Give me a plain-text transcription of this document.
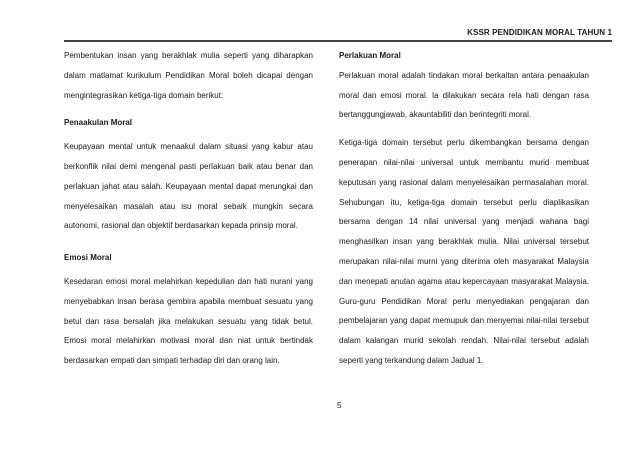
KSSR PENDIDIKAN MORAL TAHUN 1

Pembentukan insan yang berakhlak mulia seperti yang diharapkan dalam matlamat kurikulum Pendidikan Moral boleh dicapai dengan mengintegrasikan ketiga-tiga domain berikut:

Penaakulan Moral

Keupayaan mental untuk menaakul dalam situasi yang kabur atau berkonflik nilai demi mengenal pasti perlakuan baik atau benar dan perlakuan jahat atau salah. Keupayaan mental dapat merungkai dan menyelesaikan masalah atau isu moral sebaik mungkin secara autonomi, rasional dan objektif berdasarkan kepada prinsip moral.

Emosi Moral

Kesedaran emosi moral melahirkan kepedulian dan hati nurani yang menyebabkan insan berasa gembira apabila membuat sesuatu yang betul dan rasa bersalah jika melakukan sesuatu yang tidak betul. Emosi moral melahirkan motivasi moral dan niat untuk bertindak berdasarkan empati dan simpati terhadap diri dan orang lain.

Perlakuan Moral

Perlakuan moral adalah tindakan moral berkaitan antara penaakulan moral dan emosi moral. Ia dilakukan secara rela hati dengan rasa bertanggungjawab, akauntabiliti dan berintegriti moral.

Ketiga-tiga domain tersebut perlu dikembangkan bersama dengan penerapan nilai-nilai universal untuk membantu murid membuat keputusan yang rasional dalam menyelesaikan permasalahan moral. Sehubungan itu, ketiga-tiga domain tersebut perlu diaplikasikan bersama dengan 14 nilai universal yang menjadi wahana bagi menghasilkan insan yang berakhlak mulia. Nilai universal tersebut merupakan nilai-nilai murni yang diterima oleh masyarakat Malaysia dan menepati anutan agama atau kepercayaan masyarakat Malaysia. Guru-guru Pendidikan Moral perlu menyediakan pengajaran dan pembelajaran yang dapat memupuk dan menyemai nilai-nilai tersebut dalam kalangan murid sekolah rendah. Nilai-nilai tersebut adalah seperti yang terkandung dalam Jadual 1.

5
